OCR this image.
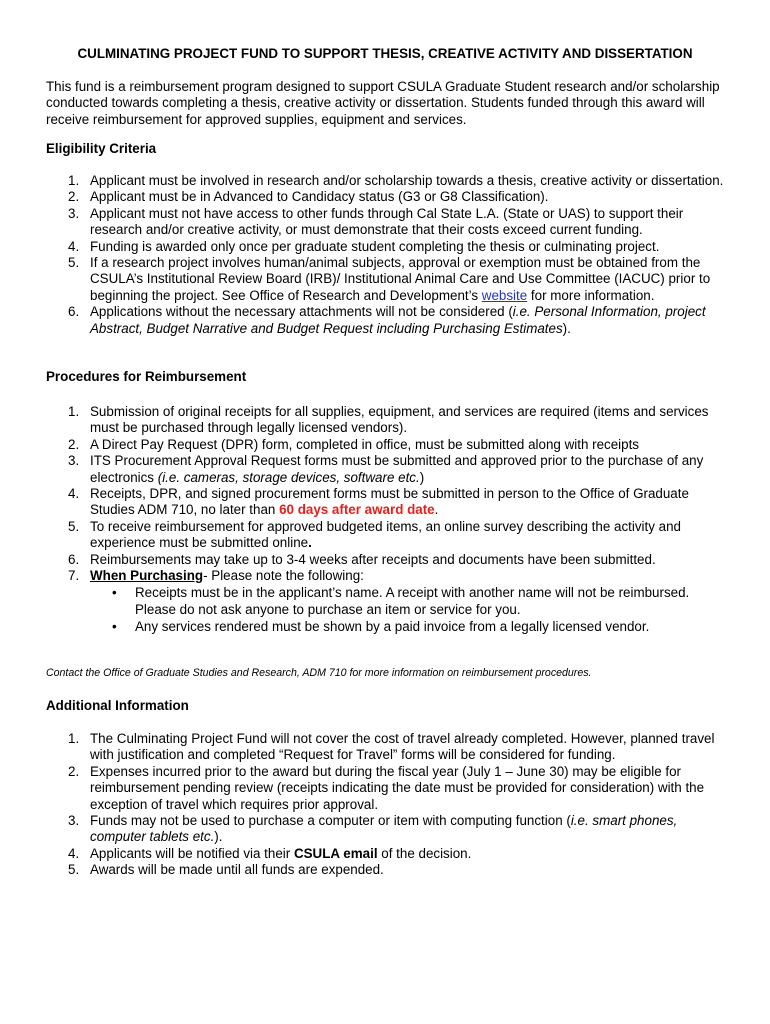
CULMINATING PROJECT FUND TO SUPPORT THESIS, CREATIVE ACTIVITY AND DISSERTATION
This fund is a reimbursement program designed to support CSULA Graduate Student research and/or scholarship conducted towards completing a thesis, creative activity or dissertation. Students funded through this award will receive reimbursement for approved supplies, equipment and services.
Eligibility Criteria
1. Applicant must be involved in research and/or scholarship towards a thesis, creative activity or dissertation.
2. Applicant must be in Advanced to Candidacy status (G3 or G8 Classification).
3. Applicant must not have access to other funds through Cal State L.A. (State or UAS) to support their research and/or creative activity, or must demonstrate that their costs exceed current funding.
4. Funding is awarded only once per graduate student completing the thesis or culminating project.
5. If a research project involves human/animal subjects, approval or exemption must be obtained from the CSULA’s Institutional Review Board (IRB)/ Institutional Animal Care and Use Committee (IACUC) prior to beginning the project. See Office of Research and Development’s website for more information.
6. Applications without the necessary attachments will not be considered (i.e. Personal Information, project Abstract, Budget Narrative and Budget Request including Purchasing Estimates).
Procedures for Reimbursement
1. Submission of original receipts for all supplies, equipment, and services are required (items and services must be purchased through legally licensed vendors).
2. A Direct Pay Request (DPR) form, completed in office, must be submitted along with receipts
3. ITS Procurement Approval Request forms must be submitted and approved prior to the purchase of any electronics (i.e. cameras, storage devices, software etc.)
4. Receipts, DPR, and signed procurement forms must be submitted in person to the Office of Graduate Studies ADM 710, no later than 60 days after award date.
5. To receive reimbursement for approved budgeted items, an online survey describing the activity and experience must be submitted online.
6. Reimbursements may take up to 3-4 weeks after receipts and documents have been submitted.
7. When Purchasing- Please note the following:
• Receipts must be in the applicant’s name. A receipt with another name will not be reimbursed. Please do not ask anyone to purchase an item or service for you.
• Any services rendered must be shown by a paid invoice from a legally licensed vendor.
Contact the Office of Graduate Studies and Research, ADM 710 for more information on reimbursement procedures.
Additional Information
1. The Culminating Project Fund will not cover the cost of travel already completed. However, planned travel with justification and completed “Request for Travel” forms will be considered for funding.
2. Expenses incurred prior to the award but during the fiscal year (July 1 – June 30) may be eligible for reimbursement pending review (receipts indicating the date must be provided for consideration) with the exception of travel which requires prior approval.
3. Funds may not be used to purchase a computer or item with computing function (i.e. smart phones, computer tablets etc.).
4. Applicants will be notified via their CSULA email of the decision.
5. Awards will be made until all funds are expended.
